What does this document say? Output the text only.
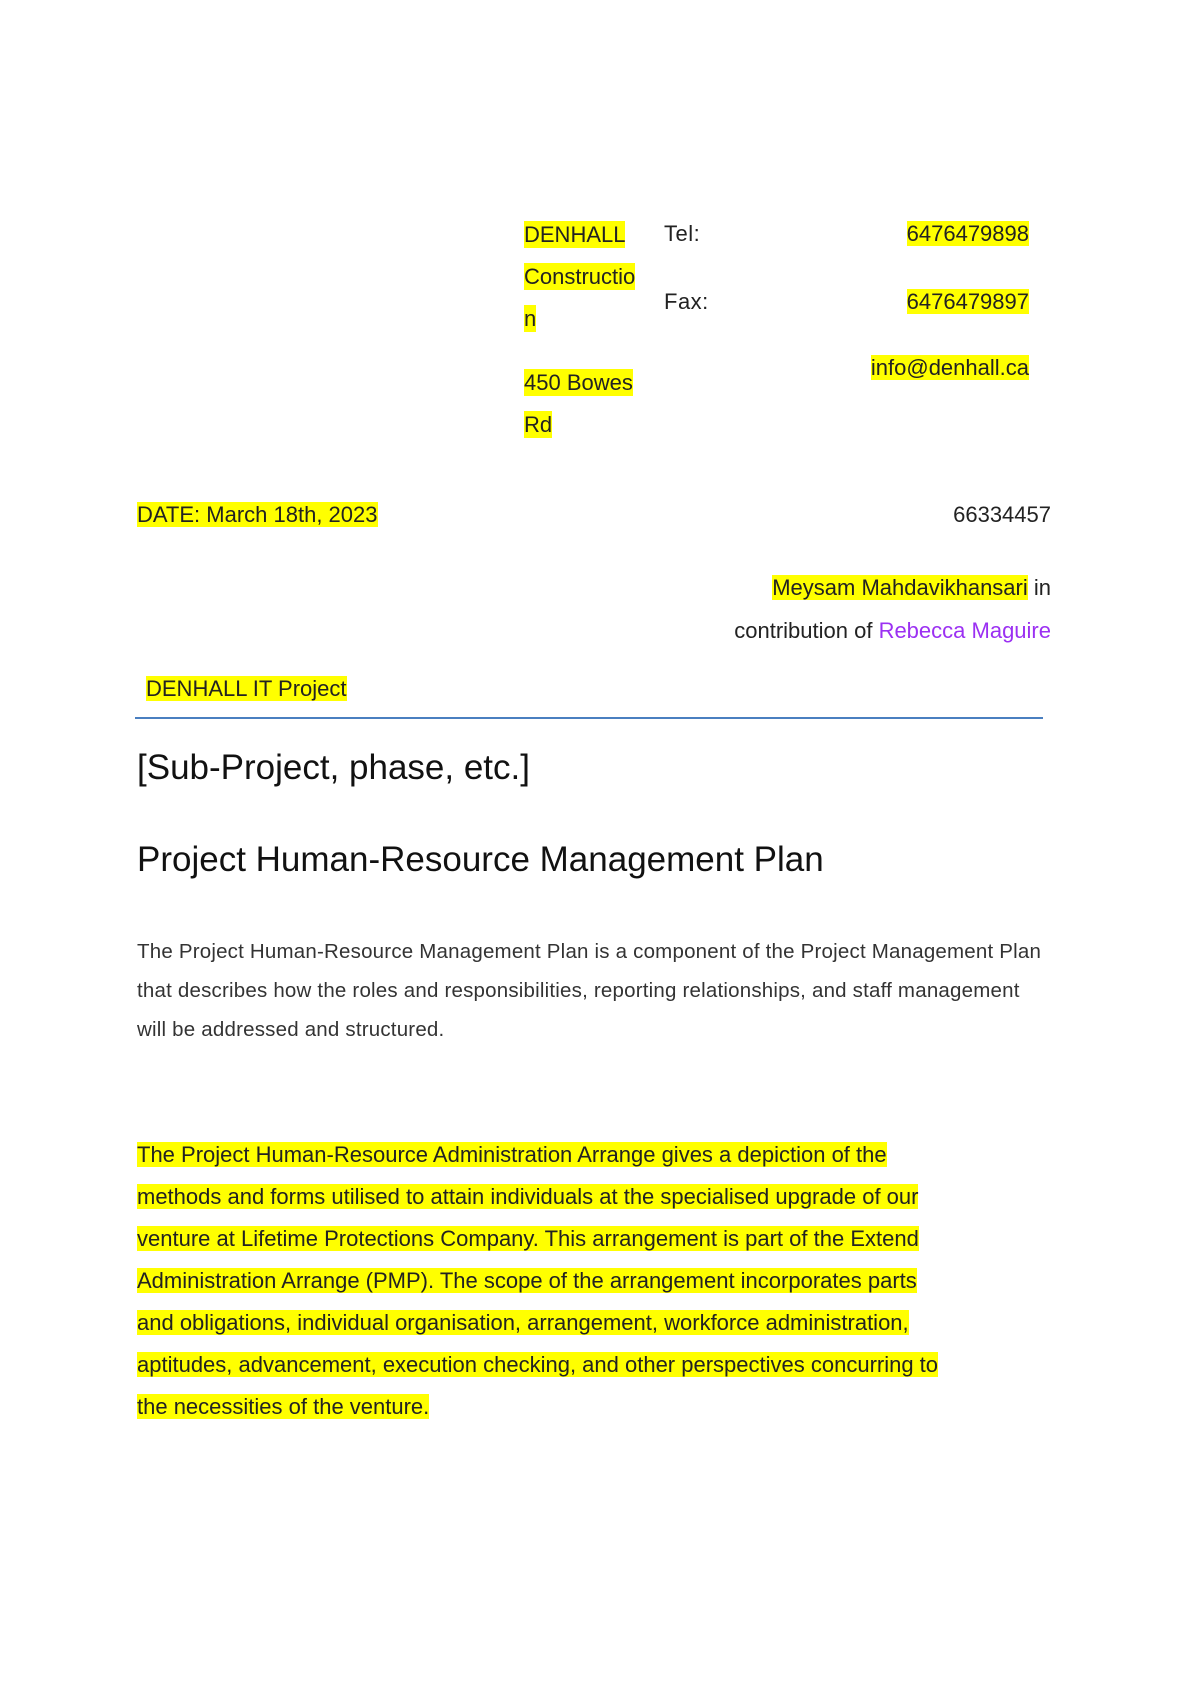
DENHALL
Constructio
n
450 Bowes
Rd
Tel:	6476479898
Fax:	6476479897
info@denhall.ca
DATE: March 18th, 2023	66334457
Meysam Mahdavikhansari in
contribution of Rebecca Maguire
DENHALL IT Project
[Sub-Project, phase, etc.]
Project Human-Resource Management Plan
The Project Human-Resource Management Plan is a component of the Project Management Plan that describes how the roles and responsibilities, reporting relationships, and staff management will be addressed and structured.
The Project Human-Resource Administration Arrange gives a depiction of the
methods and forms utilised to attain individuals at the specialised upgrade of our
venture at Lifetime Protections Company. This arrangement is part of the Extend
Administration Arrange (PMP). The scope of the arrangement incorporates parts
and obligations, individual organisation, arrangement, workforce administration,
aptitudes, advancement, execution checking, and other perspectives concurring to
the necessities of the venture.
